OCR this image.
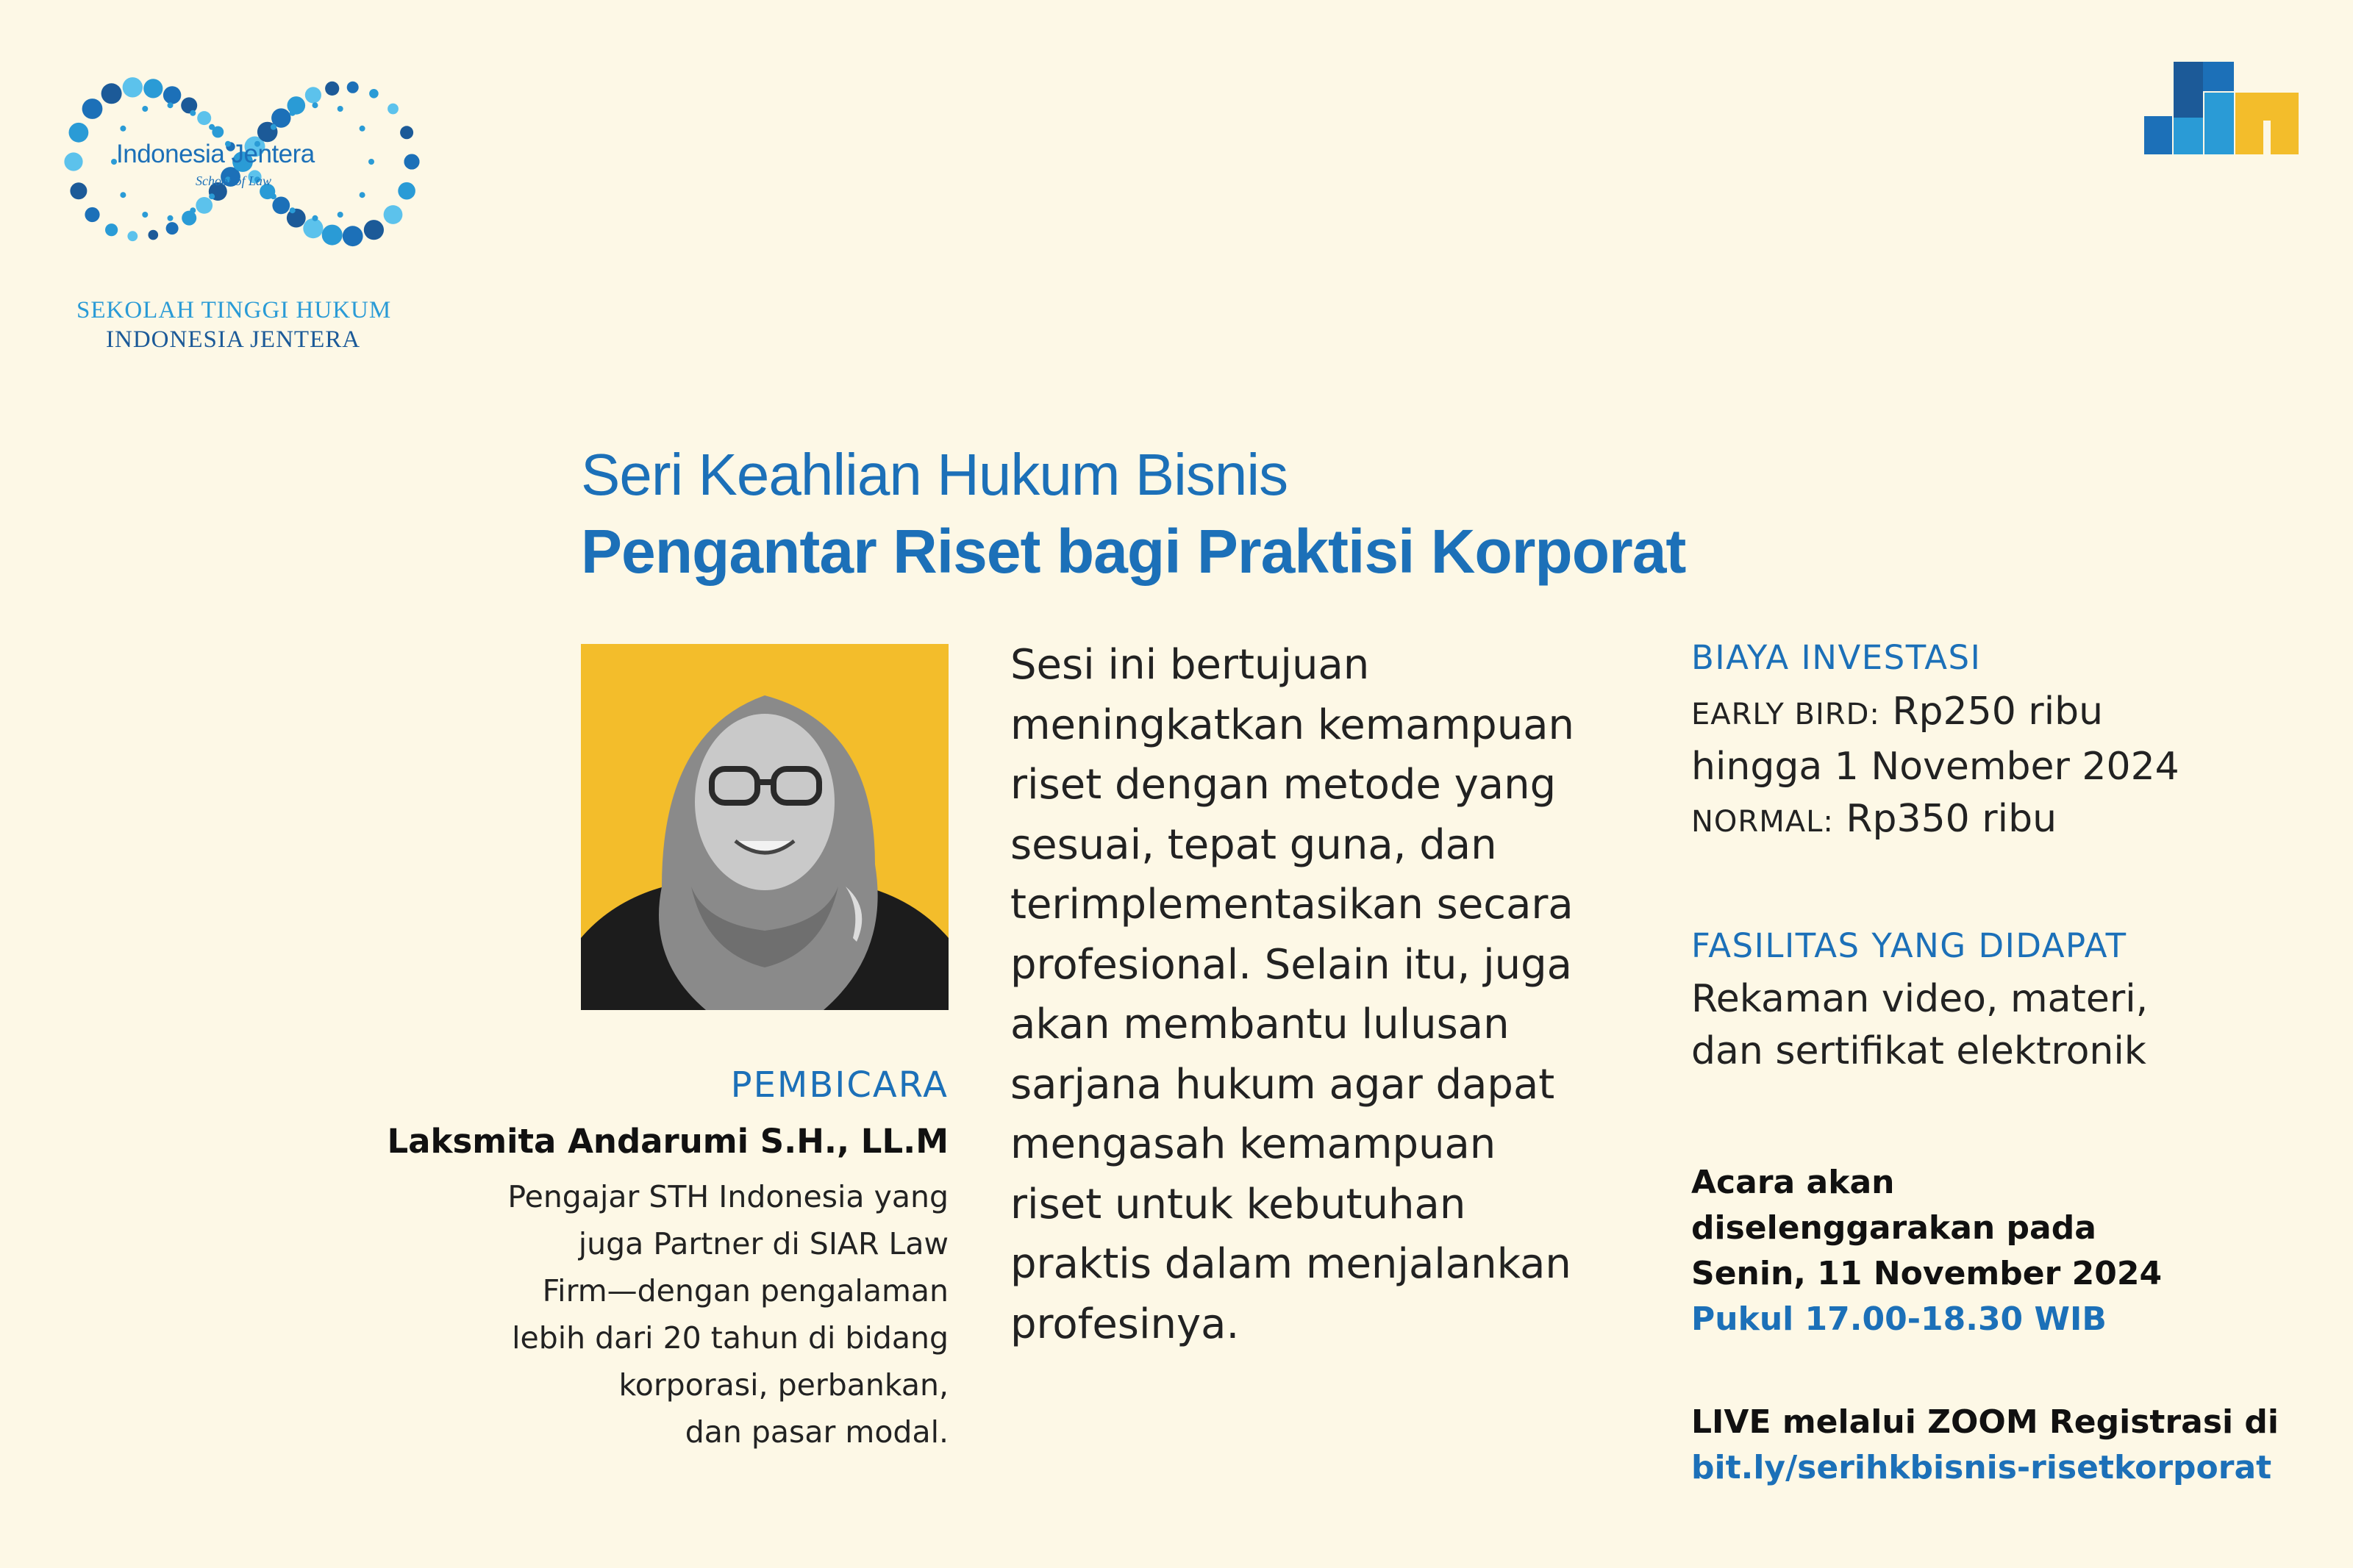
Indonesia Jentera
School of Law
SEKOLAH TINGGI HUKUM
INDONESIA JENTERA
Seri Keahlian Hukum Bisnis
Pengantar Riset bagi Praktisi Korporat
PEMBICARA
Laksmita Andarumi S.H., LL.M
Pengajar STH Indonesia yang
juga Partner di SIAR Law
Firm—dengan pengalaman
lebih dari 20 tahun di bidang
korporasi, perbankan,
dan pasar modal.
Sesi ini bertujuan
meningkatkan kemampuan
riset dengan metode yang
sesuai, tepat guna, dan
terimplementasikan secara
profesional. Selain itu, juga
akan membantu lulusan
sarjana hukum agar dapat
mengasah kemampuan
riset untuk kebutuhan
praktis dalam menjalankan
profesinya.
BIAYA INVESTASI
EARLY BIRD: Rp250 ribu
hingga 1 November 2024
NORMAL: Rp350 ribu
FASILITAS YANG DIDAPAT
Rekaman video, materi,
dan sertifikat elektronik
Acara akan
diselenggarakan pada
Senin, 11 November 2024
Pukul 17.00-18.30 WIB
LIVE melalui ZOOM Registrasi di
bit.ly/serihkbisnis-risetkorporat
